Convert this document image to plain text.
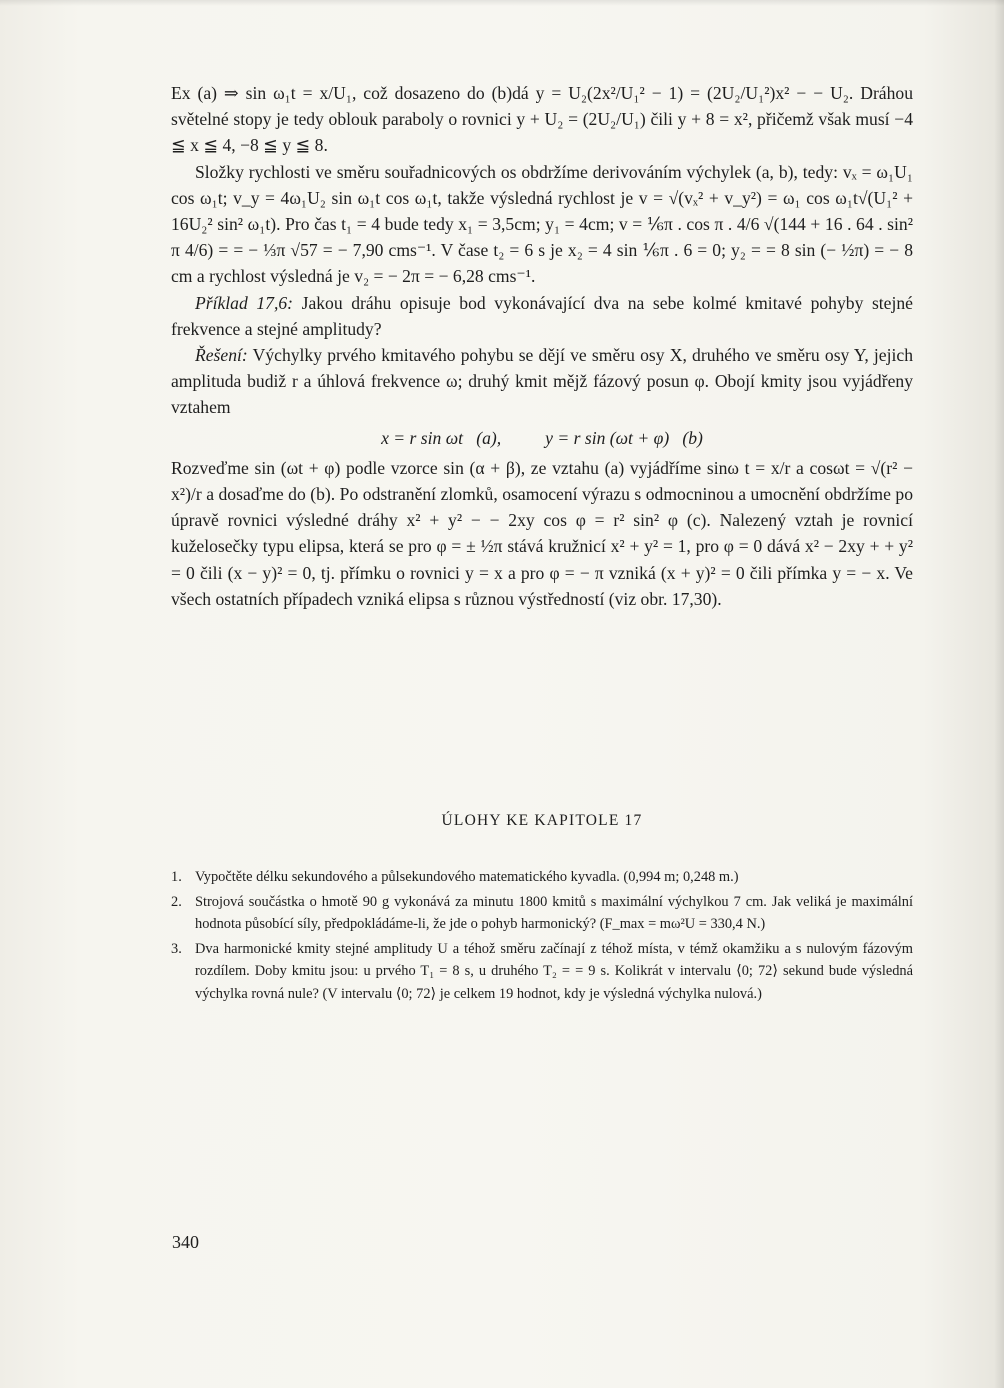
Ex (a) ⇒ sin ω₁t = x/U₁, což dosazeno do (b)dá y = U₂(2x²/U₁² − 1) = (2U₂/U₁²)x² − − U₂. Dráhou světelné stopy je tedy oblouk paraboly o rovnici y + U₂ = (2U₂/U₁) čili y + 8 = x², přičemž však musí −4 ≦ x ≦ 4, −8 ≦ y ≦ 8.

Složky rychlosti ve směru souřadnicových os obdržíme derivováním výchylek (a, b), tedy: vₓ = ω₁U₁ cos ω₁t; v_y = 4ω₁U₂ sin ω₁t cos ω₁t, takže výsledná rychlost je v = √(vₓ² + v_y²) = ω₁ cos ω₁t√(U₁² + 16U₂² sin² ω₁t). Pro čas t₁ = 4 bude tedy x₁ = 3,5cm; y₁ = 4cm; v = ⅙π . cos π . 4/6 √(144 + 16 . 64 . sin² π 4/6) = = − ⅓π √57 = − 7,90 cms⁻¹. V čase t₂ = 6 s je x₂ = 4 sin ⅙π . 6 = 0; y₂ = = 8 sin (− ½π) = − 8 cm a rychlost výsledná je v₂ = − 2π = − 6,28 cms⁻¹.

Příklad 17,6: Jakou dráhu opisuje bod vykonávající dva na sebe kolmé kmitavé pohyby stejné frekvence a stejné amplitudy?

Řešení: Výchylky prvého kmitavého pohybu se dějí ve směru osy X, druhého ve směru osy Y, jejich amplituda budiž r a úhlová frekvence ω; druhý kmit mějž fázový posun φ. Obojí kmity jsou vyjádřeny vztahem

x = r sin ωt   (a),          y = r sin (ωt + φ)   (b)

Rozveďme sin (ωt + φ) podle vzorce sin (α + β), ze vztahu (a) vyjádříme sinω t = x/r a cosωt = √(r² − x²)/r a dosaďme do (b). Po odstranění zlomků, osamocení výrazu s odmocninou a umocnění obdržíme po úpravě rovnici výsledné dráhy x² + y² − − 2xy cos φ = r² sin² φ (c). Nalezený vztah je rovnicí kuželosečky typu elipsa, která se pro φ = ± ½π stává kružnicí x² + y² = 1, pro φ = 0 dává x² − 2xy + + y² = 0 čili (x − y)² = 0, tj. přímku o rovnici y = x a pro φ = − π vzniká (x + y)² = 0 čili přímka y = − x. Ve všech ostatních případech vzniká elipsa s různou výstředností (viz obr. 17,30).

ÚLOHY KE KAPITOLE 17
1. Vypočtěte délku sekundového a půlsekundového matematického kyvadla. (0,994 m; 0,248 m.)
2. Strojová součástka o hmotě 90 g vykonává za minutu 1800 kmitů s maximální výchylkou 7 cm. Jak veliká je maximální hodnota působící síly, předpokládáme-li, že jde o pohyb harmonický? (F_max = mω²U = 330,4 N.)
3. Dva harmonické kmity stejné amplitudy U a téhož směru začínají z téhož místa, v témž okamžiku a s nulovým fázovým rozdílem. Doby kmitu jsou: u prvého T₁ = 8 s, u druhého T₂ = = 9 s. Kolikrát v intervalu ⟨0; 72⟩ sekund bude výsledná výchylka rovná nule? (V intervalu ⟨0; 72⟩ je celkem 19 hodnot, kdy je výsledná výchylka nulová.)
340
